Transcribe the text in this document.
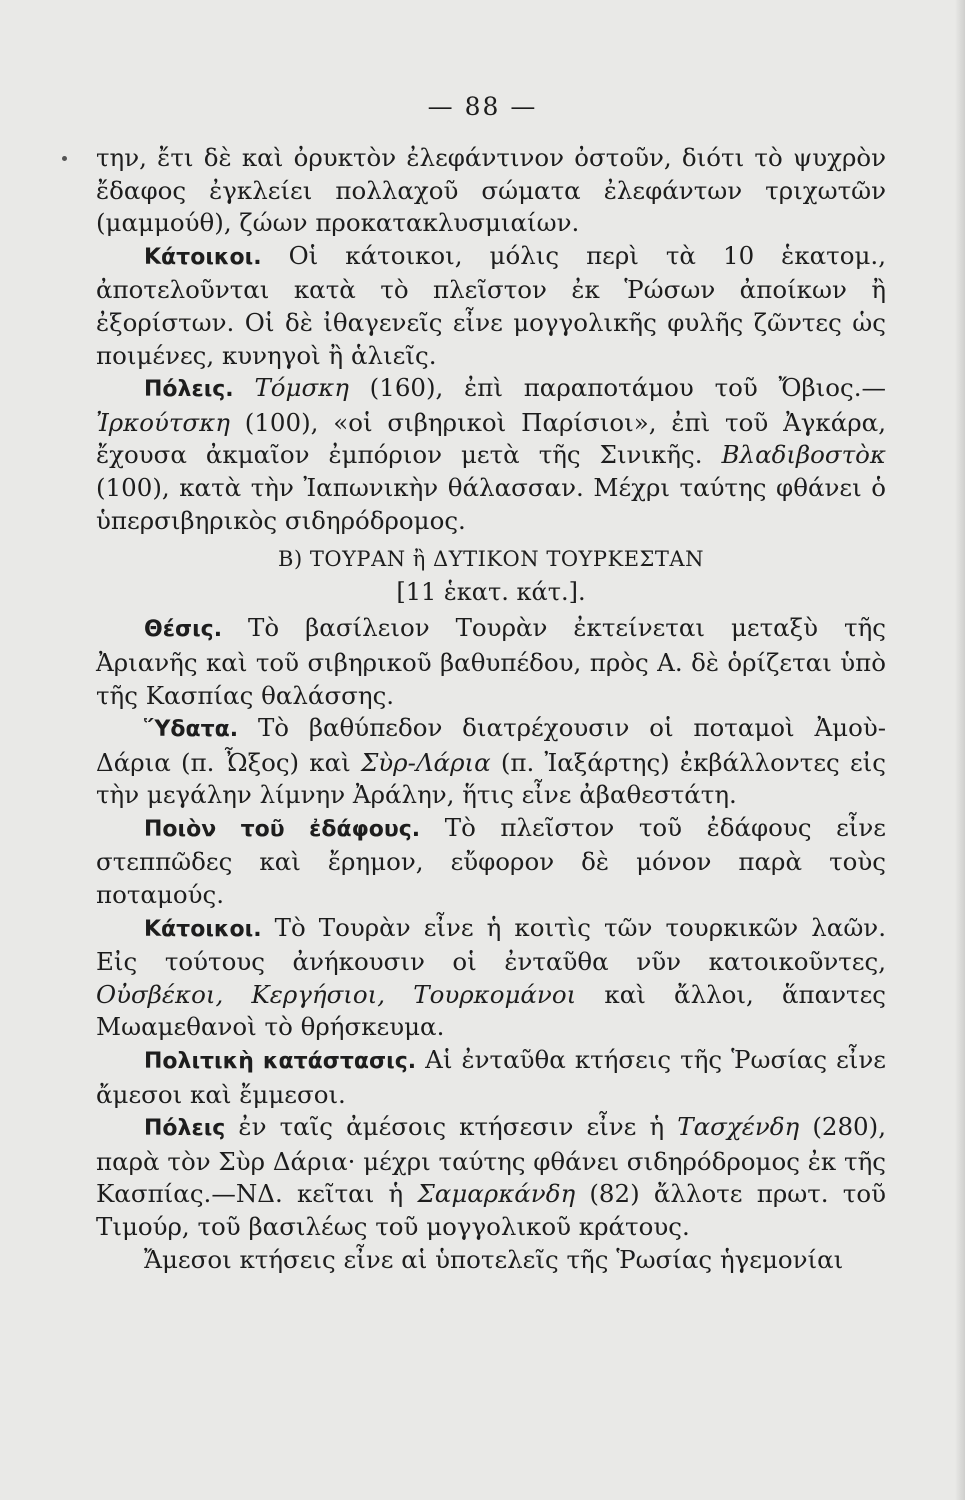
— 88 —

την, ἔτι δὲ καὶ ὀρυκτὸν ἐλεφάντινον ὀστοῦν, διότι τὸ ψυχρὸν ἔδαφος ἐγκλείει πολλαχοῦ σώματα ἐλεφάντων τριχωτῶν (μαμμούθ), ζώων προκατακλυσμιαίων.

Κάτοικοι. Οἱ κάτοικοι, μόλις περὶ τὰ 10 ἑκατομ., ἀποτελοῦνται κατὰ τὸ πλεῖστον ἐκ Ῥώσων ἀποίκων ἢ ἐξορίστων. Οἱ δὲ ἰθαγενεῖς εἶνε μογγολικῆς φυλῆς ζῶντες ὡς ποιμένες, κυνηγοὶ ἢ ἁλιεῖς.

Πόλεις. Τόμσκη (160), ἐπὶ παραποτάμου τοῦ Ὄβιος.— Ἰρκούτσκη (100), «οἱ σιβηρικοὶ Παρίσιοι», ἐπὶ τοῦ Ἀγκάρα, ἔχουσα ἀκμαῖον ἐμπόριον μετὰ τῆς Σινικῆς. Βλαδιβοστὸκ (100), κατὰ τὴν Ἰαπωνικὴν θάλασσαν. Μέχρι ταύτης φθάνει ὁ ὑπερσιβηρικὸς σιδηρόδρομος.

Β) ΤΟΥΡΑΝ ἢ ΔΥΤΙΚΟΝ ΤΟΥΡΚΕΣΤΑΝ

[11 ἑκατ. κάτ.].

Θέσις. Τὸ βασίλειον Τουρὰν ἐκτείνεται μεταξὺ τῆς Ἀριανῆς καὶ τοῦ σιβηρικοῦ βαθυπέδου, πρὸς Α. δὲ ὁρίζεται ὑπὸ τῆς Κασπίας θαλάσσης.

Ὕδατα. Τὸ βαθύπεδον διατρέχουσιν οἱ ποταμοὶ Ἀμοὺ-Δάρια (π. Ὦξος) καὶ Σὺρ-Λάρια (π. Ἰαξάρτης) ἐκβάλλοντες εἰς τὴν μεγάλην λίμνην Ἀράλην, ἥτις εἶνε ἀβαθεστάτη.

Ποιὸν τοῦ ἐδάφους. Τὸ πλεῖστον τοῦ ἐδάφους εἶνε στεππῶδες καὶ ἔρημον, εὔφορον δὲ μόνον παρὰ τοὺς ποταμούς.

Κάτοικοι. Τὸ Τουρὰν εἶνε ἡ κοιτὶς τῶν τουρκικῶν λαῶν. Εἰς τούτους ἀνήκουσιν οἱ ἐνταῦθα νῦν κατοικοῦντες, Οὐσβέκοι, Κεργήσιοι, Τουρκομάνοι καὶ ἄλλοι, ἅπαντες Μωαμεθανοὶ τὸ θρήσκευμα.

Πολιτικὴ κατάστασις. Αἱ ἐνταῦθα κτήσεις τῆς Ῥωσίας εἶνε ἄμεσοι καὶ ἔμμεσοι.

Πόλεις ἐν ταῖς ἀμέσοις κτήσεσιν εἶνε ἡ Τασχένδη (280), παρὰ τὸν Σὺρ Δάρια· μέχρι ταύτης φθάνει σιδηρόδρομος ἐκ τῆς Κασπίας.—ΝΔ. κεῖται ἡ Σαμαρκάνδη (82) ἄλλοτε πρωτ. τοῦ Τιμούρ, τοῦ βασιλέως τοῦ μογγολικοῦ κράτους.

Ἄμεσοι κτήσεις εἶνε αἱ ὑποτελεῖς τῆς Ῥωσίας ἡγεμονίαι
